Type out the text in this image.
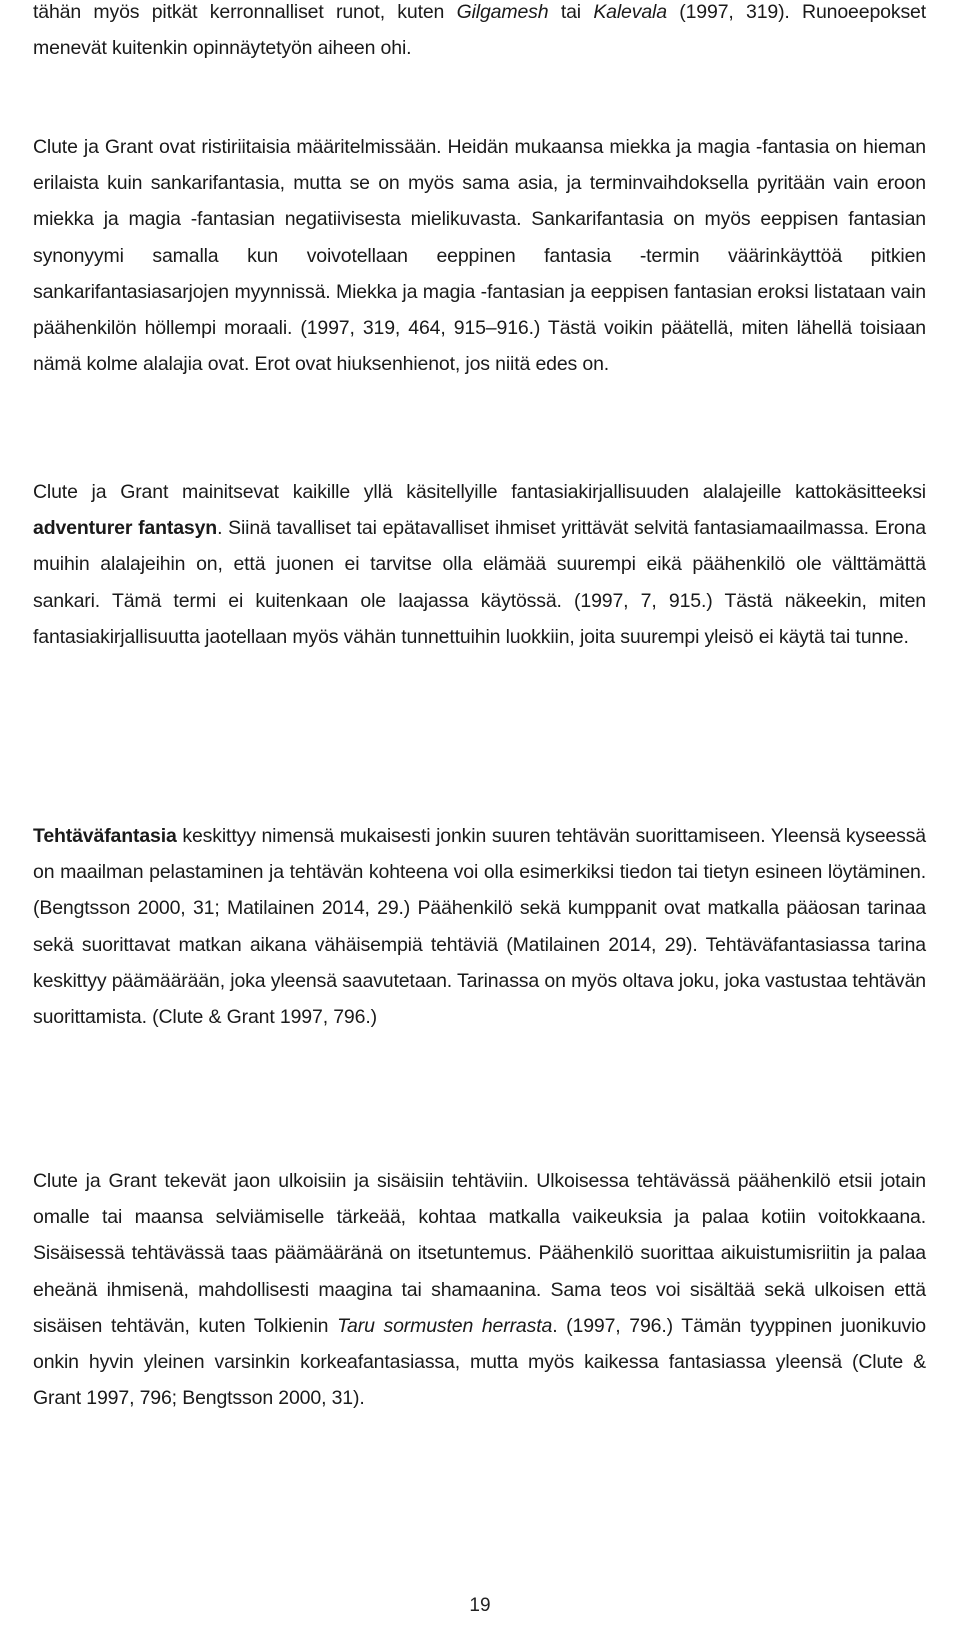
tähän myös pitkät kerronnalliset runot, kuten Gilgamesh tai Kalevala (1997, 319). Runoeepokset menevät kuitenkin opinnäytetyön aiheen ohi.

Clute ja Grant ovat ristiriitaisia määritelmissään. Heidän mukaansa miekka ja magia -fantasia on hieman erilaista kuin sankarifantasia, mutta se on myös sama asia, ja terminvaihdoksella pyritään vain eroon miekka ja magia -fantasian negatiivisesta mielikuvasta. Sankarifantasia on myös eeppisen fantasian synonyymi samalla kun voivotellaan eeppinen fantasia -termin väärinkäyttöä pitkien sankarifantasiasarjojen myynnissä. Miekka ja magia -fantasian ja eeppisen fantasian eroksi listataan vain päähenkilön höllempi moraali. (1997, 319, 464, 915–916.) Tästä voikin päätellä, miten lähellä toisiaan nämä kolme alalajia ovat. Erot ovat hiuksenhienot, jos niitä edes on.

Clute ja Grant mainitsevat kaikille yllä käsitellyille fantasiakirjallisuuden alalajeille kattokäsitteeksi adventurer fantasyn. Siinä tavalliset tai epätavalliset ihmiset yrittävät selvitä fantasiamaailmassa. Erona muihin alalajeihin on, että juonen ei tarvitse olla elämää suurempi eikä päähenkilö ole välttämättä sankari. Tämä termi ei kuitenkaan ole laajassa käytössä. (1997, 7, 915.) Tästä näkeekin, miten fantasiakirjallisuutta jaotellaan myös vähän tunnettuihin luokkiin, joita suurempi yleisö ei käytä tai tunne.

Tehtäväfantasia keskittyy nimensä mukaisesti jonkin suuren tehtävän suorittamiseen. Yleensä kyseessä on maailman pelastaminen ja tehtävän kohteena voi olla esimerkiksi tiedon tai tietyn esineen löytäminen. (Bengtsson 2000, 31; Matilainen 2014, 29.) Päähenkilö sekä kumppanit ovat matkalla pääosan tarinaa sekä suorittavat matkan aikana vähäisempiä tehtäviä (Matilainen 2014, 29). Tehtäväfantasiassa tarina keskittyy päämäärään, joka yleensä saavutetaan. Tarinassa on myös oltava joku, joka vastustaa tehtävän suorittamista. (Clute & Grant 1997, 796.)

Clute ja Grant tekevät jaon ulkoisiin ja sisäisiin tehtäviin. Ulkoisessa tehtävässä päähenkilö etsii jotain omalle tai maansa selviämiselle tärkeää, kohtaa matkalla vaikeuksia ja palaa kotiin voitokkaana. Sisäisessä tehtävässä taas päämääränä on itsetuntemus. Päähenkilö suorittaa aikuistumisriitin ja palaa eheänä ihmisenä, mahdollisesti maagina tai shamaanina. Sama teos voi sisältää sekä ulkoisen että sisäisen tehtävän, kuten Tolkienin Taru sormusten herrasta. (1997, 796.) Tämän tyyppinen juonikuvio onkin hyvin yleinen varsinkin korkeafantasiassa, mutta myös kaikessa fantasiassa yleensä (Clute & Grant 1997, 796; Bengtsson 2000, 31).

19
